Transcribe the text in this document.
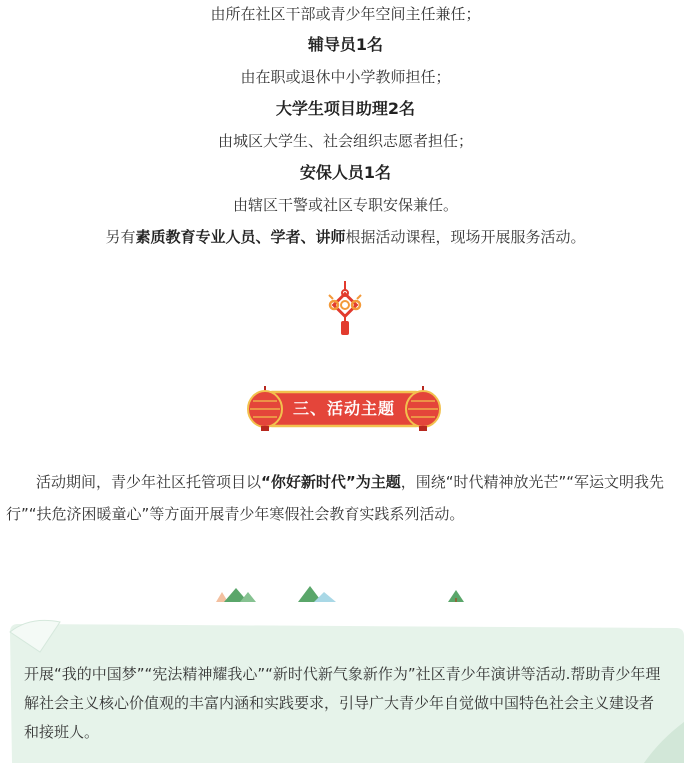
由所在社区干部或青少年空间主任兼任；
辅导员1名
由在职或退休中小学教师担任；
大学生项目助理2名
由城区大学生、社会组织志愿者担任；
安保人员1名
由辖区干警或社区专职安保兼任。
另有素质教育专业人员、学者、讲师根据活动课程，现场开展服务活动。
三、活动主题
活动期间，青少年社区托管项目以“你好新时代”为主题，围绕“时代精神放光芒”“军运文明我先行”“扶危济困暖童心”等方面开展青少年寒假社会教育实践系列活动。
开展“我的中国梦”“宪法精神耀我心”“新时代新气象新作为”社区青少年演讲等活动.帮助青少年理解社会主义核心价值观的丰富内涵和实践要求，引导广大青少年自觉做中国特色社会主义建设者和接班人。
